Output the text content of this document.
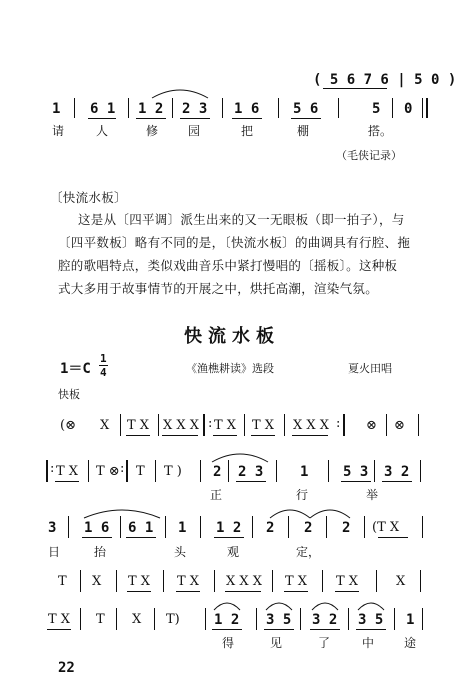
( 5 6 7 6 | 5 0 )
1 6 1 1 2 2 3 1 6 5 6	5 0
请	人	修 园	把	棚	搭。
（毛侠记录）
〔快流水板〕
这是从〔四平调〕派生出来的又一无眼板（即一拍子），与
〔四平数板〕略有不同的是，〔快流水板〕的曲调具有行腔、拖
腔的歌唱特点，类似戏曲音乐中紧打慢唱的〔摇板〕。这种板
式大多用于故事情节的开展之中，烘托高潮，渲染气氛。
快流水板
1＝C
1
4	《渔樵耕读》选段	夏火田唱
快板
(⊗ X T X X X X : T X T X X X X : ⊗ ⊗
: T X T ⊗ : T T ) 2 2 3	1 5 3 3 2
正	行	举
3 1 6 6 1 1 1 2 2 2 2 (T X
日	抬	头	观	定，
T X T X T X X X X T X T X	X
T X T X T) 1 2 3 5 3 2 3 5 1
得	见	了	中 途
22
